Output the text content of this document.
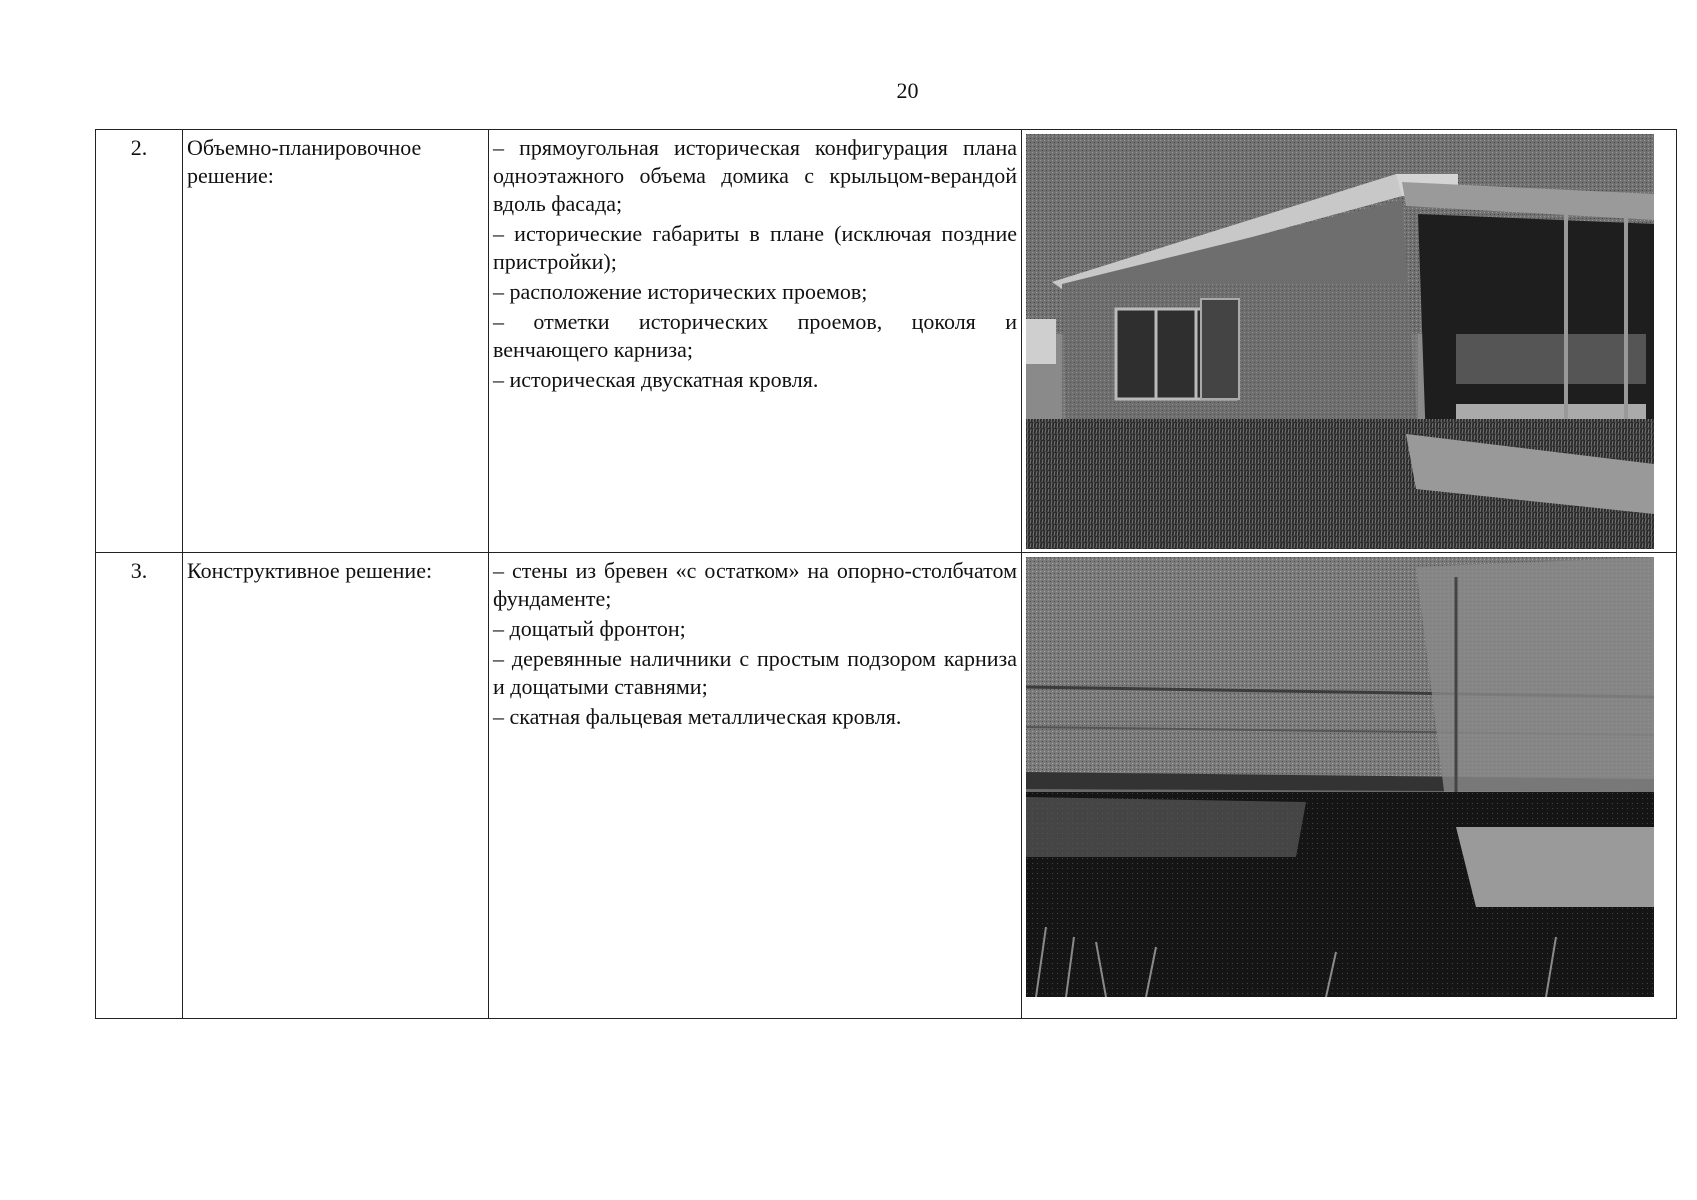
20
2.	Объемно-планировочное решение:	– прямоугольная историческая конфигурация плана одноэтажного объема домика с крыльцом-верандой вдоль фасада;
– исторические габариты в плане (исключая поздние пристройки);
– расположение исторических проемов;
– отметки исторических проемов, цоколя и венчающего карниза;
– историческая двускатная кровля.

3.	Конструктивное решение:	– стены из бревен «с остатком» на опорно-столбчатом фундаменте;
– дощатый фронтон;
– деревянные наличники с простым подзором карниза и дощатыми ставнями;
– скатная фальцевая металлическая кровля.
